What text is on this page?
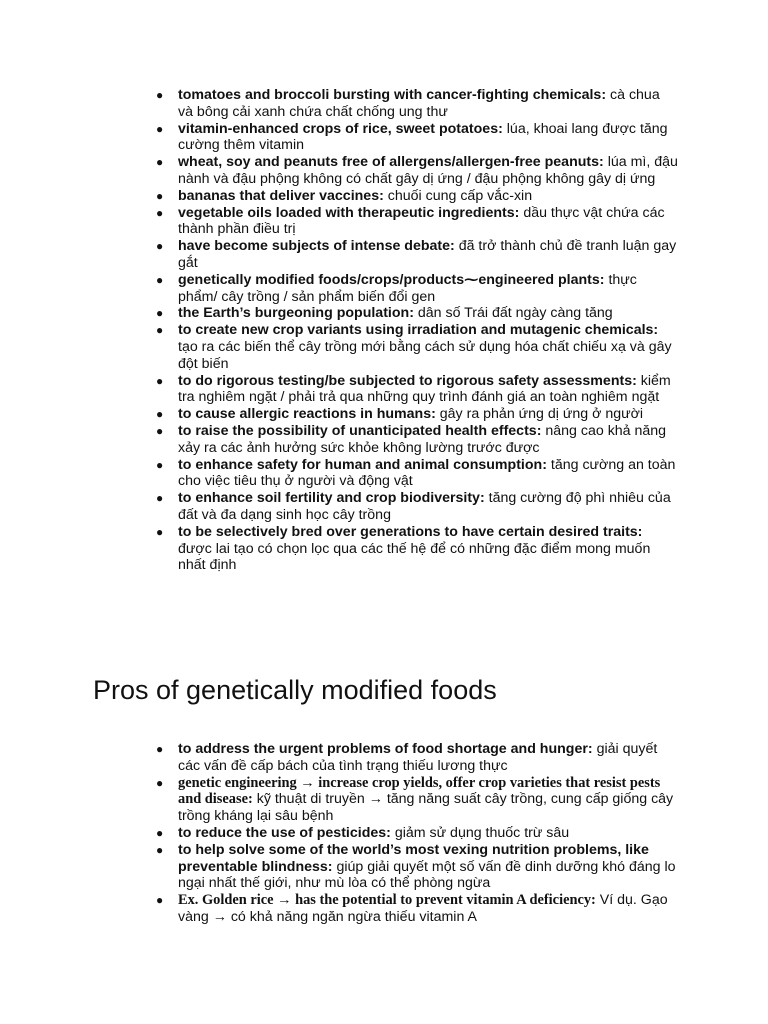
● tomatoes and broccoli bursting with cancer-fighting chemicals: cà chua và bông cải xanh chứa chất chống ung thư
● vitamin-enhanced crops of rice, sweet potatoes: lúa, khoai lang được tăng cường thêm vitamin
● wheat, soy and peanuts free of allergens/allergen-free peanuts: lúa mì, đậu nành và đậu phộng không có chất gây dị ứng / đậu phộng không gây dị ứng
● bananas that deliver vaccines: chuối cung cấp vắc-xin
● vegetable oils loaded with therapeutic ingredients: dầu thực vật chứa các thành phần điều trị
● have become subjects of intense debate: đã trở thành chủ đề tranh luận gay gắt
● genetically modified foods/crops/products⁓engineered plants: thực phẩm/ cây trồng / sản phẩm biến đổi gen
● the Earth’s burgeoning population: dân số Trái đất ngày càng tăng
● to create new crop variants using irradiation and mutagenic chemicals: tạo ra các biến thể cây trồng mới bằng cách sử dụng hóa chất chiếu xạ và gây đột biến
● to do rigorous testing/be subjected to rigorous safety assessments: kiểm tra nghiêm ngặt / phải trả qua những quy trình đánh giá an toàn nghiêm ngặt
● to cause allergic reactions in humans: gây ra phản ứng dị ứng ở người
● to raise the possibility of unanticipated health effects: nâng cao khả năng xảy ra các ảnh hưởng sức khỏe không lường trước được
● to enhance safety for human and animal consumption: tăng cường an toàn cho việc tiêu thụ ở người và động vật
● to enhance soil fertility and crop biodiversity: tăng cường độ phì nhiêu của đất và đa dạng sinh học cây trồng
● to be selectively bred over generations to have certain desired traits: được lai tạo có chọn lọc qua các thế hệ để có những đặc điểm mong muốn nhất định
Pros of genetically modified foods
● to address the urgent problems of food shortage and hunger: giải quyết các vấn đề cấp bách của tình trạng thiếu lương thực
● genetic engineering → increase crop yields, offer crop varieties that resist pests and disease: kỹ thuật di truyền → tăng năng suất cây trồng, cung cấp giống cây trồng kháng lại sâu bệnh
● to reduce the use of pesticides: giảm sử dụng thuốc trừ sâu
● to help solve some of the world’s most vexing nutrition problems, like preventable blindness: giúp giải quyết một số vấn đề dinh dưỡng khó đáng lo ngại nhất thế giới, như mù lòa có thể phòng ngừa
● Ex. Golden rice → has the potential to prevent vitamin A deficiency: Ví dụ. Gạo vàng → có khả năng ngăn ngừa thiếu vitamin A
